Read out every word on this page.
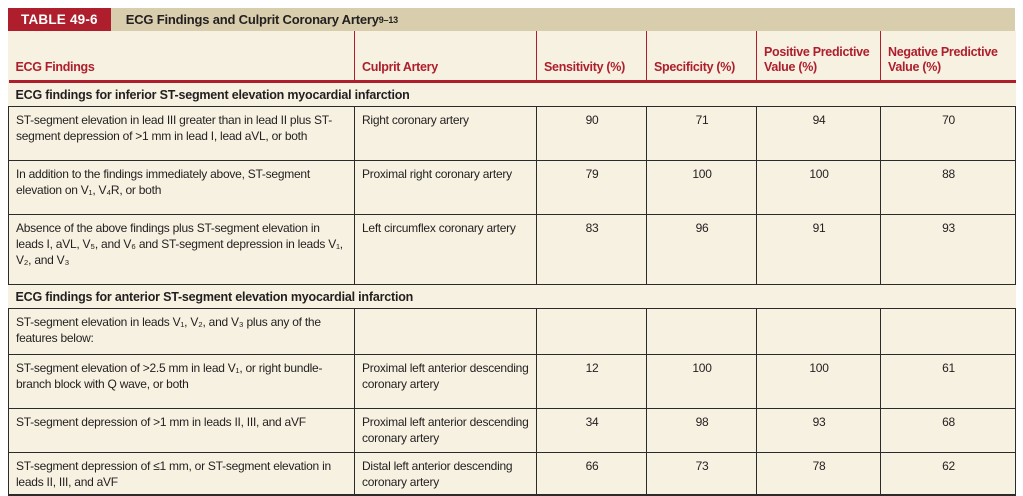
TABLE 49-6	ECG Findings and Culprit Coronary Artery 9–13
ECG Findings	Culprit Artery	Sensitivity (%)	Specificity (%)	Positive Predictive Value (%)	Negative Predictive Value (%)
ECG findings for inferior ST-segment elevation myocardial infarction					
ST-segment elevation in lead III greater than in lead II plus ST-segment depression of >1 mm in lead I, lead aVL, or both	Right coronary artery	90	71	94	70
In addition to the findings immediately above, ST-segment elevation on V₁, V₄R, or both	Proximal right coronary artery	79	100	100	88
Absence of the above findings plus ST-segment elevation in leads I, aVL, V₅, and V₆ and ST-segment depression in leads V₁, V₂, and V₃	Left circumflex coronary artery	83	96	91	93
ECG findings for anterior ST-segment elevation myocardial infarction					
ST-segment elevation in leads V₁, V₂, and V₃ plus any of the features below:					
ST-segment elevation of >2.5 mm in lead V₁, or right bundle-branch block with Q wave, or both	Proximal left anterior descending coronary artery	12	100	100	61
ST-segment depression of >1 mm in leads II, III, and aVF	Proximal left anterior descending coronary artery	34	98	93	68
ST-segment depression of ≤1 mm, or ST-segment elevation in leads II, III, and aVF	Distal left anterior descending coronary artery	66	73	78	62
